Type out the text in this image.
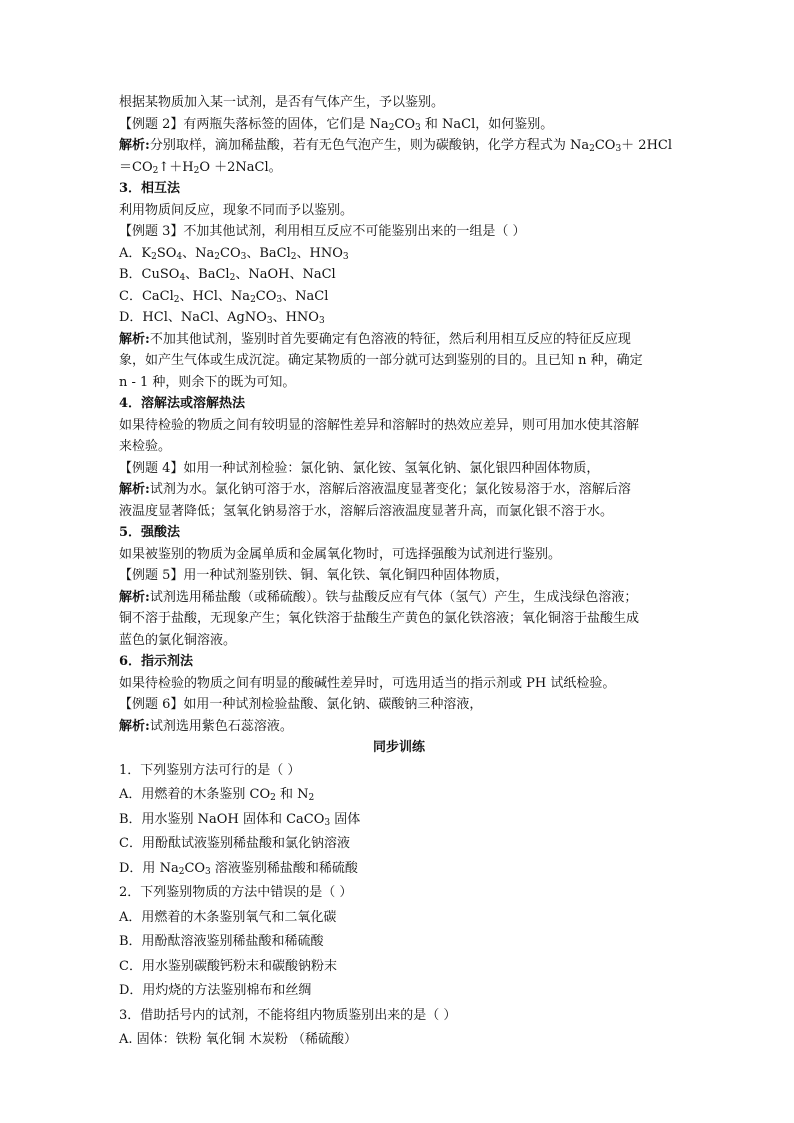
根据某物质加入某一试剂，是否有气体产生，予以鉴别。
【例题 2】有两瓶失落标签的固体，它们是 $Na_2CO_3$ 和 NaCl，如何鉴别。
解析:分别取样，滴加稀盐酸，若有无色气泡产生，则为碳酸钠，化学方程式为 $Na_2CO_3+ 2HCl$
$=CO_2↑+H_2O$ ＋2NaCl。
3．相互法
利用物质间反应，现象不同而予以鉴别。
【例题 3】不加其他试剂，利用相互反应不可能鉴别出来的一组是（ ）
A．$K_2SO_4$、$Na_2CO_3$、BaCl$_2$、$HNO_3$
B．CuSO$_4$、BaCl$_2$、NaOH、NaCl
C．CaCl$_2$、HCl、$Na_2CO_3$、NaCl
D．HCl、NaCl、AgNO$_3$、$HNO_3$
解析:不加其他试剂，鉴别时首先要确定有色溶液的特征，然后利用相互反应的特征反应现
象，如产生气体或生成沉淀。确定某物质的一部分就可达到鉴别的目的。且已知 n 种，确定
n - 1 种，则余下的既为可知。
4．溶解法或溶解热法
如果待检验的物质之间有较明显的溶解性差异和溶解时的热效应差异，则可用加水使其溶解
来检验。
【例题 4】如用一种试剂检验：氯化钠、氯化铵、氢氧化钠、氯化银四种固体物质，
解析:试剂为水。氯化钠可溶于水，溶解后溶液温度显著变化；氯化铵易溶于水，溶解后溶
液温度显著降低；氢氧化钠易溶于水，溶解后溶液温度显著升高，而氯化银不溶于水。
5．强酸法
如果被鉴别的物质为金属单质和金属氧化物时，可选择强酸为试剂进行鉴别。
【例题 5】用一种试剂鉴别铁、铜、氧化铁、氧化铜四种固体物质，
解析:试剂选用稀盐酸（或稀硫酸）。铁与盐酸反应有气体（氢气）产生，生成浅绿色溶液；
铜不溶于盐酸，无现象产生；氧化铁溶于盐酸生产黄色的氯化铁溶液；氧化铜溶于盐酸生成
蓝色的氯化铜溶液。
6．指示剂法
如果待检验的物质之间有明显的酸碱性差异时，可选用适当的指示剂或 PH 试纸检验。
【例题 6】如用一种试剂检验盐酸、氯化钠、碳酸钠三种溶液，
解析:试剂选用紫色石蕊溶液。
同步训练
1．下列鉴别方法可行的是（ ）
A．用燃着的木条鉴别 $CO_2$ 和 $N_2$
B．用水鉴别 NaOH 固体和 CaCO$_3$ 固体
C．用酚酞试液鉴别稀盐酸和氯化钠溶液
D．用 $Na_2CO_3$ 溶液鉴别稀盐酸和稀硫酸
2．下列鉴别物质的方法中错误的是（ ）
A．用燃着的木条鉴别氧气和二氧化碳
B．用酚酞溶液鉴别稀盐酸和稀硫酸
C．用水鉴别碳酸钙粉末和碳酸钠粉末
D．用灼烧的方法鉴别棉布和丝绸
3．借助括号内的试剂，不能将组内物质鉴别出来的是（ ）
A. 固体：铁粉 氧化铜 木炭粉 （稀硫酸）
